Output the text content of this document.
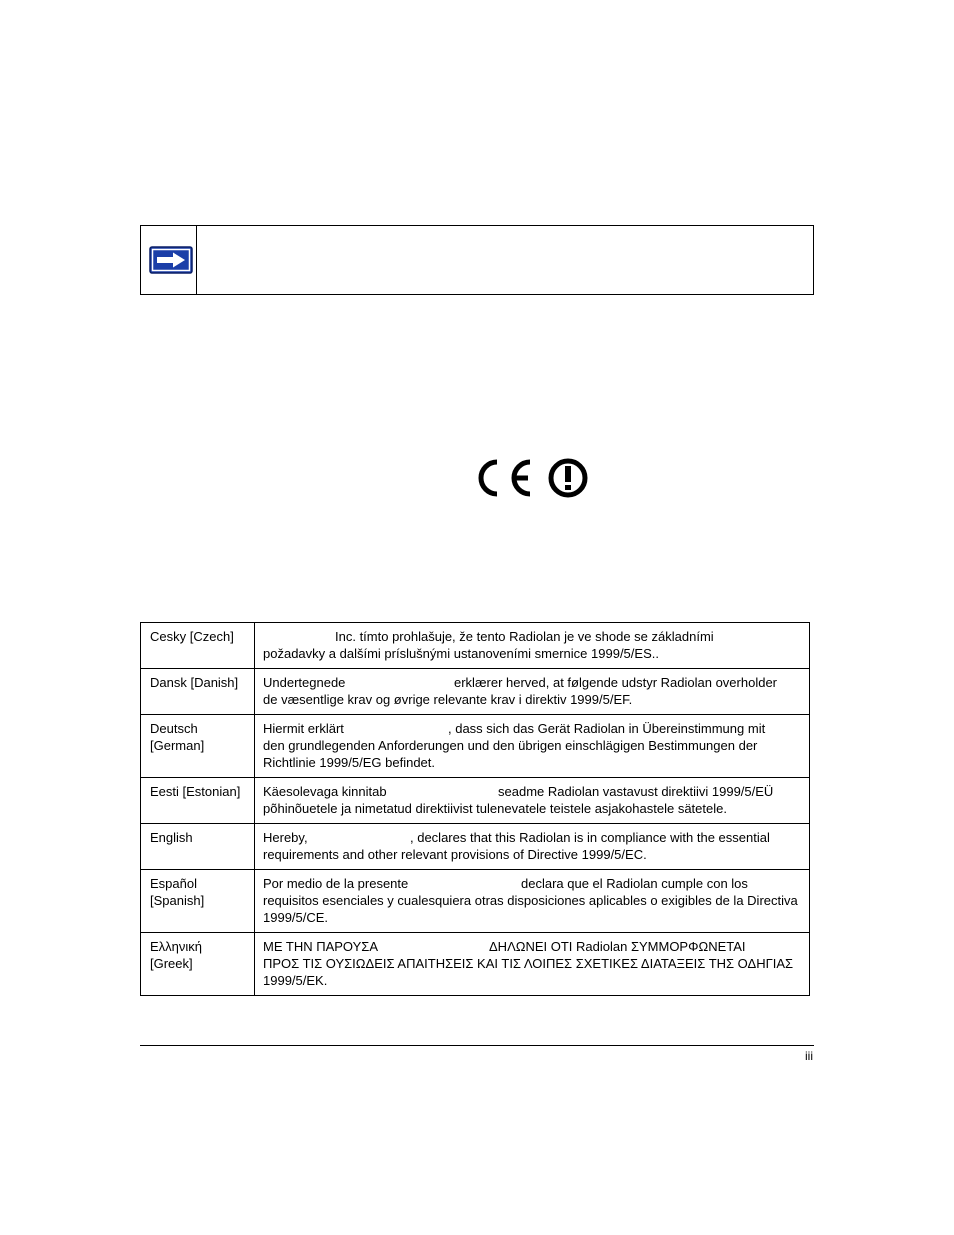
Cesky [Czech]	Inc. tímto prohlašuje, že tento Radiolan je ve shode se základními
požadavky a dalšími príslušnými ustanoveními smernice 1999/5/ES..
Dansk [Danish]	Undertegnede erklærer herved, at følgende udstyr Radiolan overholder
de væsentlige krav og øvrige relevante krav i direktiv 1999/5/EF.
Deutsch [German]	Hiermit erklärt , dass sich das Gerät Radiolan in Übereinstimmung mit
den grundlegenden Anforderungen und den übrigen einschlägigen Bestimmungen der Richtlinie 1999/5/EG befindet.
Eesti [Estonian]	Käesolevaga kinnitab seadme Radiolan vastavust direktiivi 1999/5/EÜ
põhinõuetele ja nimetatud direktiivist tulenevatele teistele asjakohastele sätetele.
English	Hereby, , declares that this Radiolan is in compliance with the essential
requirements and other relevant provisions of Directive 1999/5/EC.
Español [Spanish]	Por medio de la presente declara que el Radiolan cumple con los
requisitos esenciales y cualesquiera otras disposiciones aplicables o exigibles de la Directiva 1999/5/CE.
Ελληνική [Greek]	ΜΕ ΤΗΝ ΠΑΡΟΥΣΑ ΔΗΛΩΝΕΙ ΟΤΙ Radiolan ΣΥΜΜΟΡΦΩΝΕΤΑΙ
ΠΡΟΣ ΤΙΣ ΟΥΣΙΩΔΕΙΣ ΑΠΑΙΤΗΣΕΙΣ ΚΑΙ ΤΙΣ ΛΟΙΠΕΣ ΣΧΕΤΙΚΕΣ ΔΙΑΤΑΞΕΙΣ ΤΗΣ ΟΔΗΓΙΑΣ 1999/5/ΕΚ.
iii
